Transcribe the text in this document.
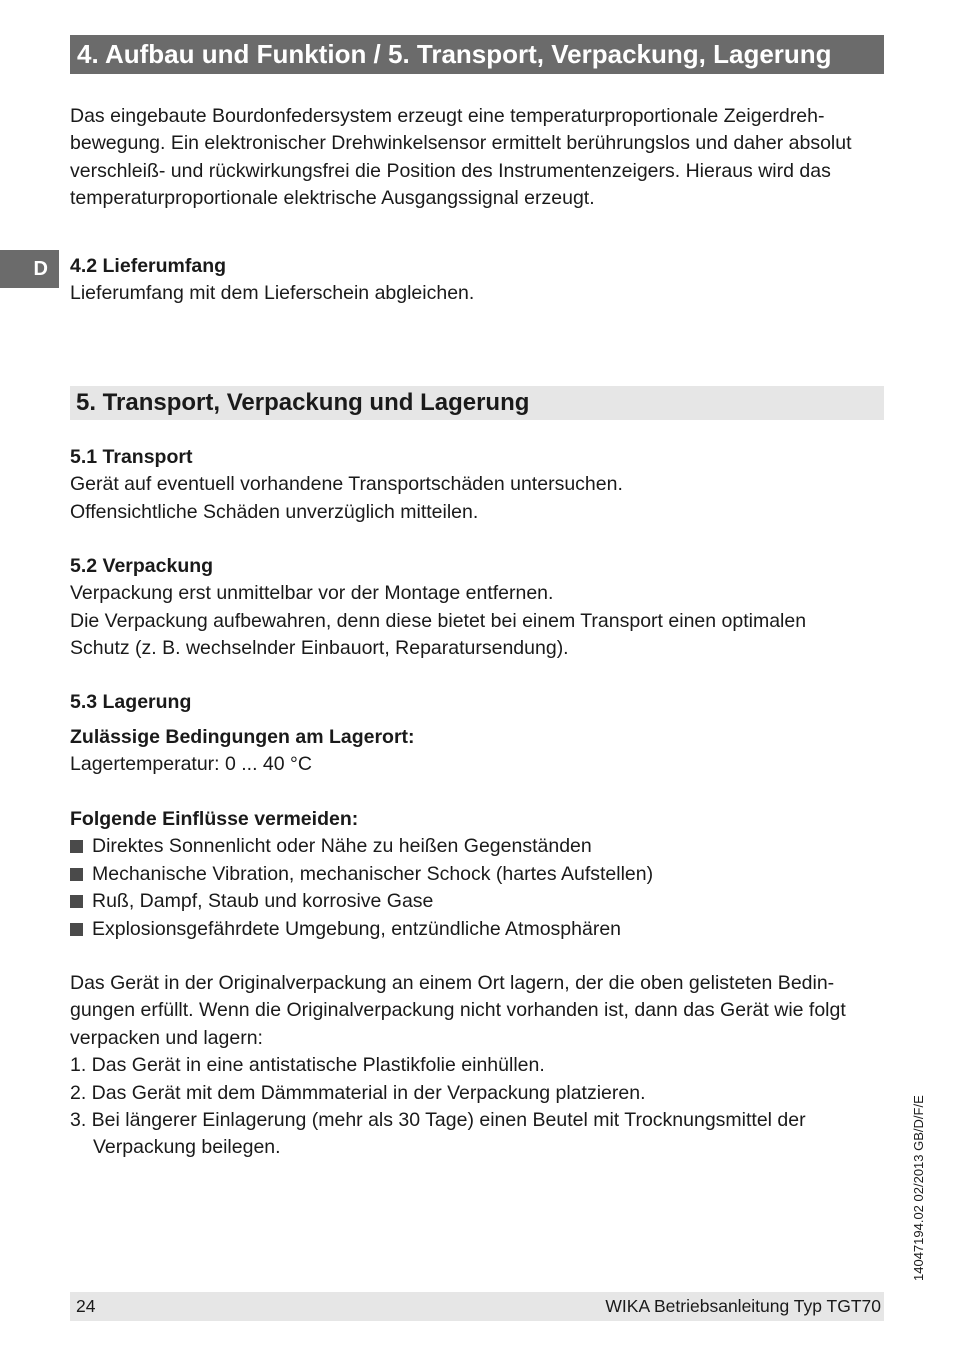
4. Aufbau und Funktion / 5. Transport, Verpackung, Lagerung
Das eingebaute Bourdonfedersystem erzeugt eine temperaturproportionale Zeigerdreh-
bewegung. Ein elektronischer Drehwinkelsensor ermittelt berührungslos und daher absolut
verschleiß- und rückwirkungsfrei die Position des Instrumentenzeigers. Hieraus wird das
temperaturproportionale elektrische Ausgangssignal erzeugt.
D	4.2 Lieferumfang
Lieferumfang mit dem Lieferschein abgleichen.
5. Transport, Verpackung und Lagerung
5.1 Transport
Gerät auf eventuell vorhandene Transportschäden untersuchen.
Offensichtliche Schäden unverzüglich mitteilen.
5.2 Verpackung
Verpackung erst unmittelbar vor der Montage entfernen.
Die Verpackung aufbewahren, denn diese bietet bei einem Transport einen optimalen
Schutz (z. B. wechselnder Einbauort, Reparatursendung).
5.3 Lagerung
Zulässige Bedingungen am Lagerort:
Lagertemperatur: 0 ... 40 °C
Folgende Einflüsse vermeiden:
Direktes Sonnenlicht oder Nähe zu heißen Gegenständen
Mechanische Vibration, mechanischer Schock (hartes Aufstellen)
Ruß, Dampf, Staub und korrosive Gase
Explosionsgefährdete Umgebung, entzündliche Atmosphären
Das Gerät in der Originalverpackung an einem Ort lagern, der die oben gelisteten Bedin-
gungen erfüllt. Wenn die Originalverpackung nicht vorhanden ist, dann das Gerät wie folgt
verpacken und lagern:
1. Das Gerät in eine antistatische Plastikfolie einhüllen.
2. Das Gerät mit dem Dämmmaterial in der Verpackung platzieren.
3. Bei längerer Einlagerung (mehr als 30 Tage) einen Beutel mit Trocknungsmittel der
Verpackung beilegen.	14047194.02 02/2013 GB/D/F/E
24	WIKA Betriebsanleitung Typ TGT70
